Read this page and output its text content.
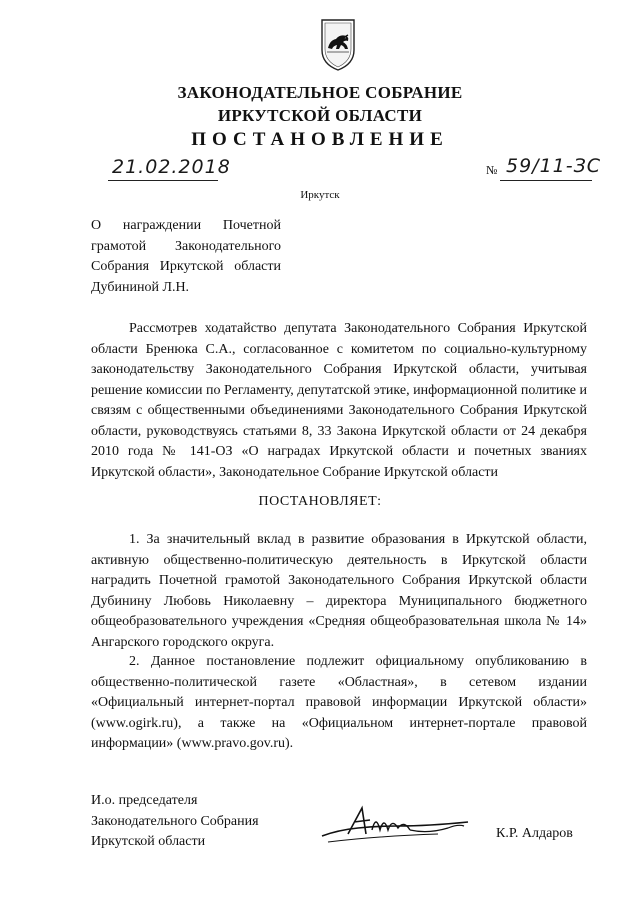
ЗАКОНОДАТЕЛЬНОЕ СОБРАНИЕ
ИРКУТСКОЙ ОБЛАСТИ
ПОСТАНОВЛЕНИЕ
21.02.2018	№ 59/11-ЗС
Иркутск
О награждении Почетной грамотой Законодательного Собрания Иркутской области Дубининой Л.Н.
Рассмотрев ходатайство депутата Законодательного Собрания Иркутской области Бренюка С.А., согласованное с комитетом по социально-культурному законодательству Законодательного Собрания Иркутской области, учитывая решение комиссии по Регламенту, депутатской этике, информационной политике и связям с общественными объединениями Законодательного Собрания Иркутской области, руководствуясь статьями 8, 33 Закона Иркутской области от 24 декабря 2010 года № 141-ОЗ «О наградах Иркутской области и почетных званиях Иркутской области», Законодательное Собрание Иркутской области
ПОСТАНОВЛЯЕТ:
1. За значительный вклад в развитие образования в Иркутской области, активную общественно-политическую деятельность в Иркутской области наградить Почетной грамотой Законодательного Собрания Иркутской области Дубинину Любовь Николаевну – директора Муниципального бюджетного общеобразовательного учреждения «Средняя общеобразовательная школа № 14» Ангарского городского округа.
2. Данное постановление подлежит официальному опубликованию в общественно-политической газете «Областная», в сетевом издании «Официальный интернет-портал правовой информации Иркутской области» (www.ogirk.ru), а также на «Официальном интернет-портале правовой информации» (www.pravo.gov.ru).
И.о. председателя
Законодательного Собрания
Иркутской области
К.Р. Алдаров
